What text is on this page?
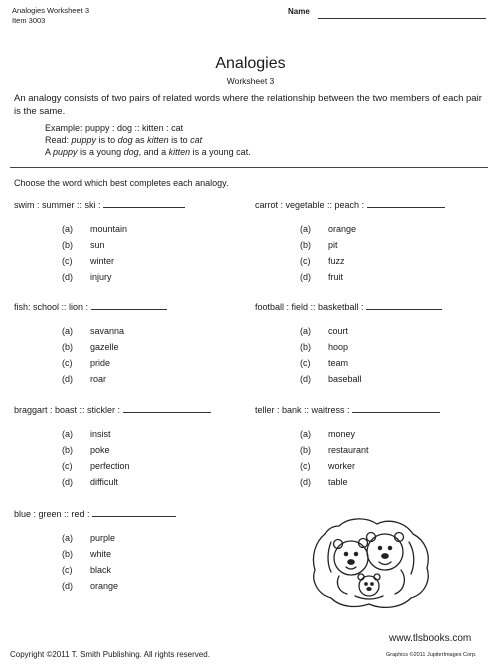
Analogies Worksheet 3
Item 3003
Name
Analogies
Worksheet 3
An analogy consists of two pairs of related words where the relationship between the two members of each pair is the same.
Example: puppy : dog :: kitten : cat
Read: puppy is to dog as kitten is to cat
A puppy is a young dog, and a kitten is a young cat.
Choose the word which best completes each analogy.
swim : summer :: ski :
(a) mountain
(b) sun
(c) winter
(d) injury
carrot : vegetable :: peach :
(a) orange
(b) pit
(c) fuzz
(d) fruit
fish: school :: lion :
(a) savanna
(b) gazelle
(c) pride
(d) roar
football : field :: basketball :
(a) court
(b) hoop
(c) team
(d) baseball
braggart : boast :: stickler :
(a) insist
(b) poke
(c) perfection
(d) difficult
teller : bank :: waitress :
(a) money
(b) restaurant
(c) worker
(d) table
blue : green :: red :
(a) purple
(b) white
(c) black
(d) orange
Copyright ©2011 T. Smith Publishing. All rights reserved.
www.tlsbooks.com
Graphics ©2011 JupiterImages Corp.
